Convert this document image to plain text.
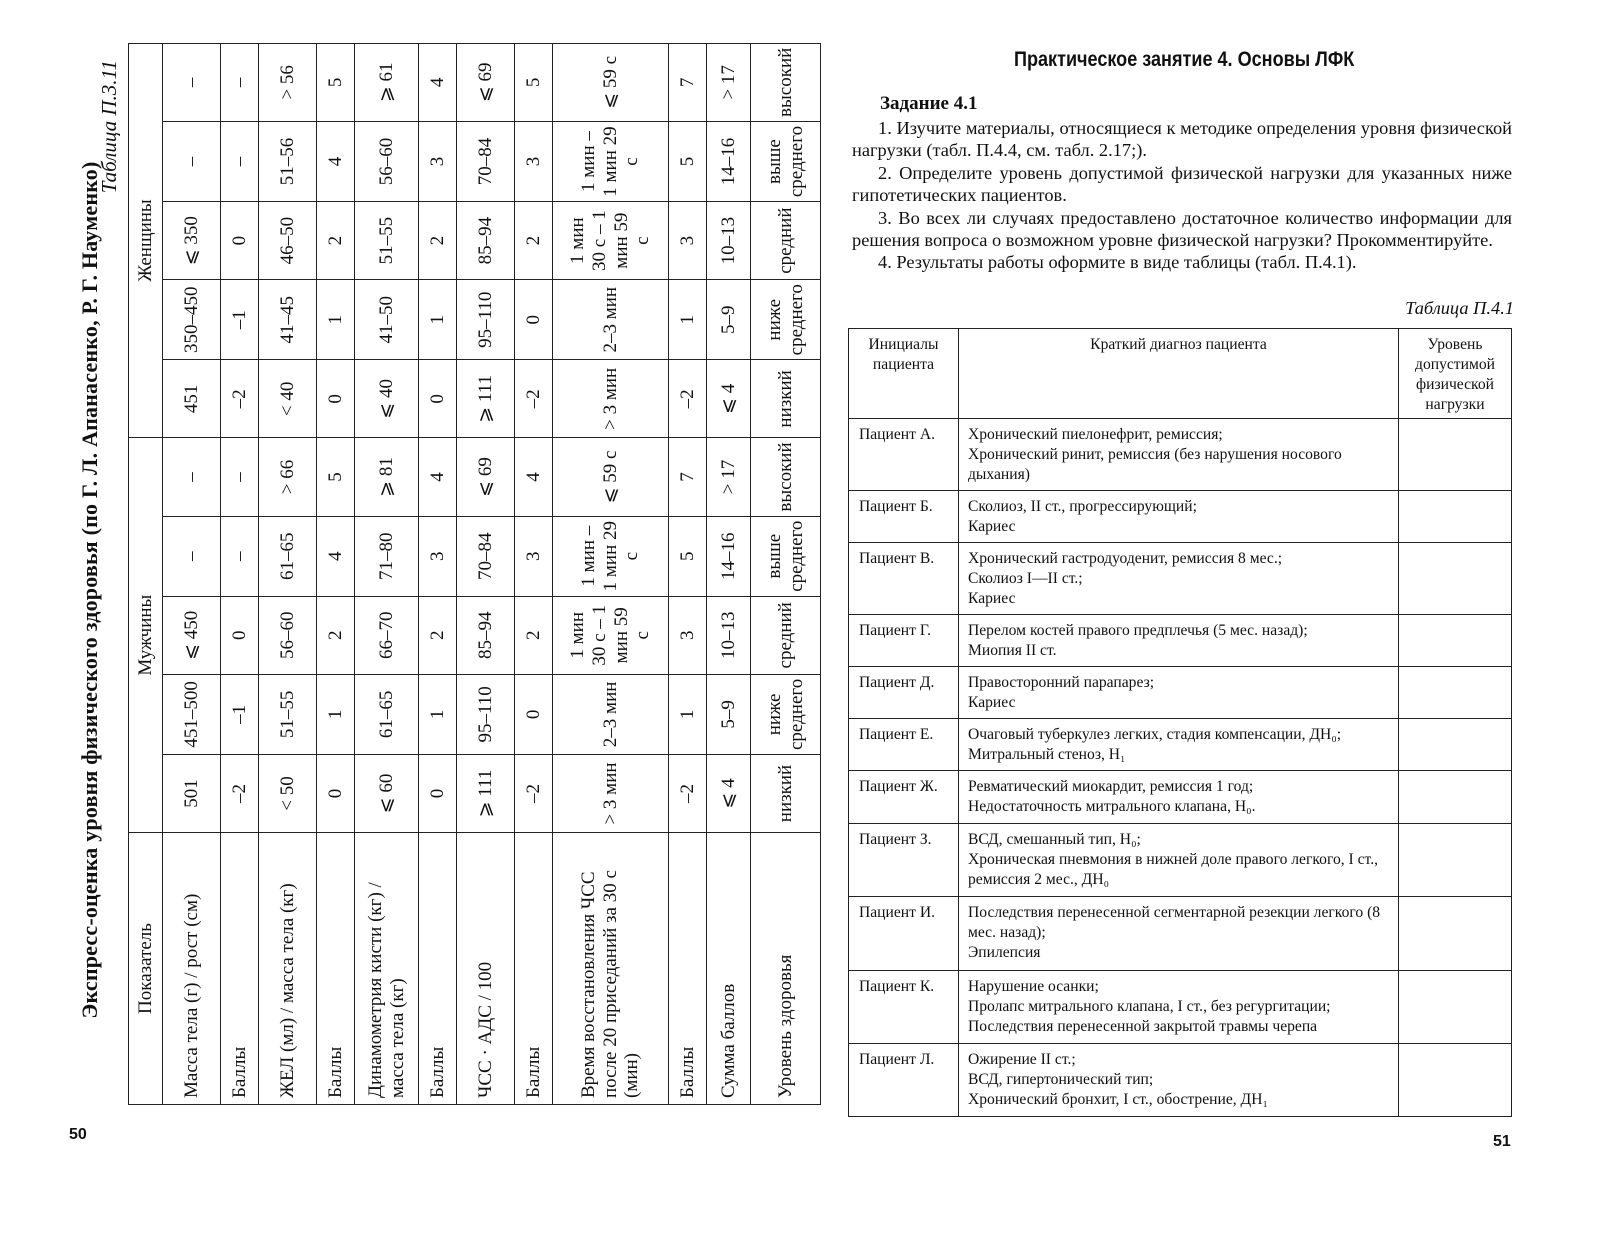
Экспресс-оценка уровня физического здоровья (по Г. Л. Апанасенко, Р. Г. Науменко)
Таблица П.3.11
Показатель	Мужчины					Женщины				

Масса тела (г) / рост (см)	501	451–500	⩽ 450	–	–	451	350–450	⩽ 350	–	–
Баллы	–2	–1	0	–	–	–2	–1	0	–	–
ЖЕЛ (мл) / масса тела (кг)	< 50	51–55	56–60	61–65	> 66	< 40	41–45	46–50	51–56	> 56
Баллы	0	1	2	4	5	0	1	2	4	5
Динамометрия кисти (кг) / масса тела (кг)	⩽ 60	61–65	66–70	71–80	⩾ 81	⩽ 40	41–50	51–55	56–60	⩾ 61
Баллы	0	1	2	3	4	0	1	2	3	4
ЧСС · АДС / 100	⩾ 111	95–110	85–94	70–84	⩽ 69	⩾ 111	95–110	85–94	70–84	⩽ 69
Баллы	–2	0	2	3	4	–2	0	2	3	5
Время восстановления ЧСС после 20 приседаний за 30 с (мин)	> 3 мин	2–3 мин	1 мин 30 с – 1 мин 59 с	1 мин – 1 мин 29 с	⩽ 59 с	> 3 мин	2–3 мин	1 мин 30 с – 1 мин 59 с	1 мин – 1 мин 29 с	⩽ 59 с
Баллы	–2	1	3	5	7	–2	1	3	5	7
Сумма баллов	⩽ 4	5–9	10–13	14–16	> 17	⩽ 4	5–9	10–13	14–16	> 17
Уровень здоровья	низкий	ниже среднего	средний	выше среднего	высокий	низкий	ниже среднего	средний	выше среднего	высокий
50
Практическое занятие 4. Основы ЛФК
Задание 4.1

1. Изучите материалы, относящиеся к методике определения уровня физической нагрузки (табл. П.4.4, см. табл. 2.17;).

2. Определите уровень допустимой физической нагрузки для указанных ниже гипотетических пациентов.

3. Во всех ли случаях предоставлено достаточное количество информации для решения вопроса о возможном уровне физической нагрузки? Прокомментируйте.

4. Результаты работы оформите в виде таблицы (табл. П.4.1).

Таблица П.4.1
Инициалы пациента	Краткий диагноз пациента	Уровень допустимой физической нагрузки
Пациент А.	Хронический пиелонефрит, ремиссия;
Хронический ринит, ремиссия (без нарушения носового дыхания)	

Пациент Б.	Сколиоз, II ст., прогрессирующий;
Кариес	

Пациент В.	Хронический гастродуоденит, ремиссия 8 мес.;
Сколиоз I—II ст.;
Кариес	

Пациент Г.	Перелом костей правого предплечья (5 мес. назад);
Миопия II ст.	

Пациент Д.	Правосторонний парапарез;
Кариес	

Пациент Е.	Очаговый туберкулез легких, стадия компенсации, ДН₀;
Митральный стеноз, Н₁	

Пациент Ж.	Ревматический миокардит, ремиссия 1 год;
Недостаточность митрального клапана, Н₀.	

Пациент З.	ВСД, смешанный тип, Н₀;
Хроническая пневмония в нижней доле правого легкого, I ст., ремиссия 2 мес., ДН₀	

Пациент И.	Последствия перенесенной сегментарной резекции легкого (8 мес. назад);
Эпилепсия	

Пациент К.	Нарушение осанки;
Пролапс митрального клапана, I ст., без регургитации;
Последствия перенесенной закрытой травмы черепа	

Пациент Л.	Ожирение II ст.;
ВСД, гипертонический тип;
Хронический бронхит, I ст., обострение, ДН₁	

51
